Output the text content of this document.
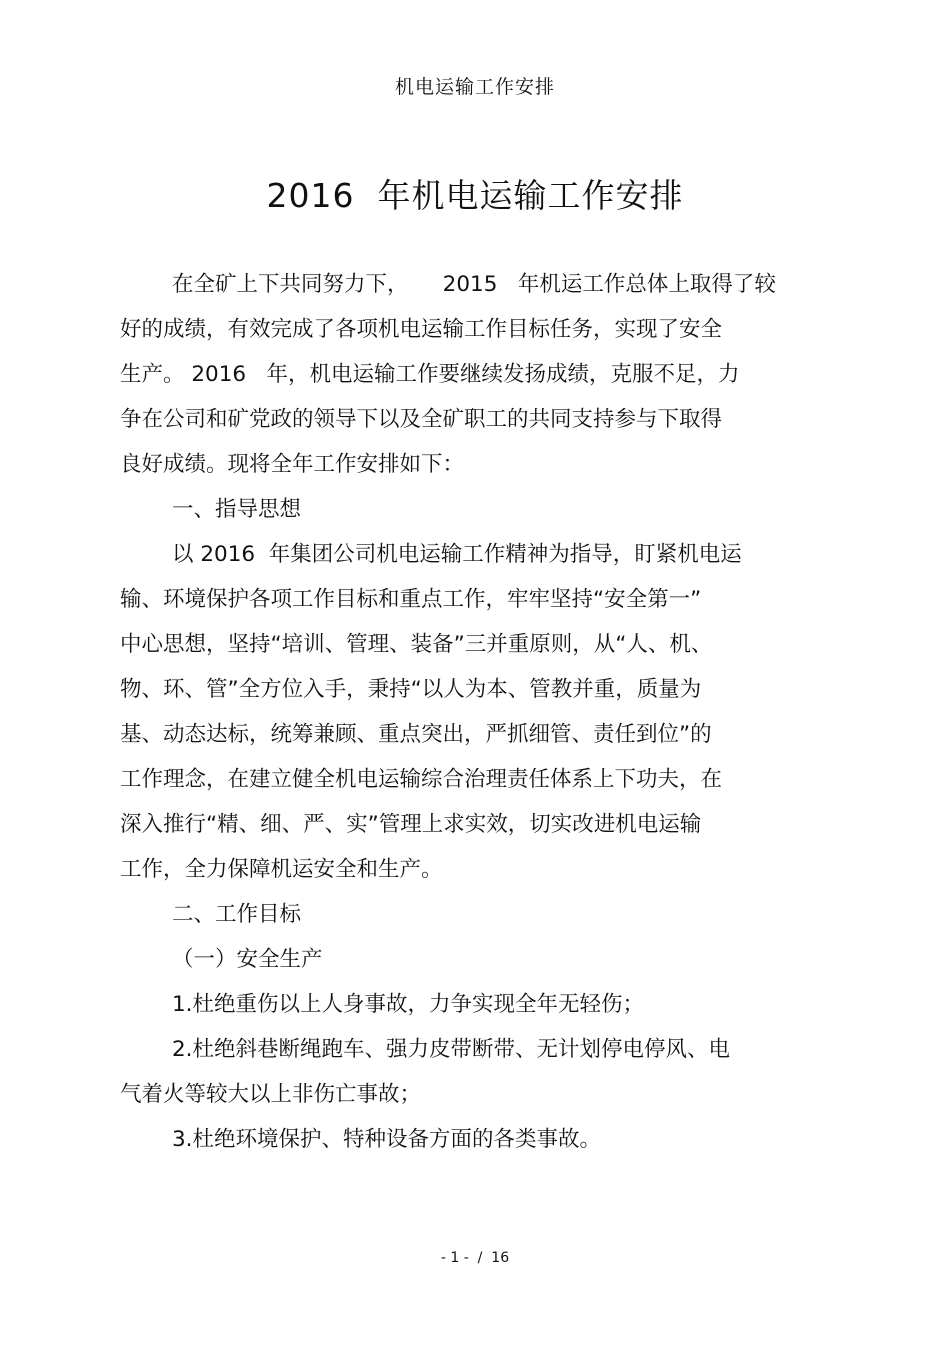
机电运输工作安排
2016  年机电运输工作安排
在全矿上下共同努力下，     2015   年机运工作总体上取得了较
好的成绩，有效完成了各项机电运输工作目标任务，实现了安全
生产。 2016   年，机电运输工作要继续发扬成绩，克服不足，力
争在公司和矿党政的领导下以及全矿职工的共同支持参与下取得
良好成绩。现将全年工作安排如下：
一、指导思想
以 2016  年集团公司机电运输工作精神为指导，盯紧机电运
输、环境保护各项工作目标和重点工作，牢牢坚持“安全第一”
中心思想，坚持“培训、管理、装备”三并重原则，从“人、机、
物、环、管”全方位入手，秉持“以人为本、管教并重，质量为
基、动态达标，统筹兼顾、重点突出，严抓细管、责任到位”的
工作理念，在建立健全机电运输综合治理责任体系上下功夫，在
深入推行“精、细、严、实”管理上求实效，切实改进机电运输
工作，全力保障机运安全和生产。
二、工作目标
（一）安全生产
1.杜绝重伤以上人身事故，力争实现全年无轻伤；
2.杜绝斜巷断绳跑车、强力皮带断带、无计划停电停风、电
气着火等较大以上非伤亡事故；
3.杜绝环境保护、特种设备方面的各类事故。
- 1 -  /  16
